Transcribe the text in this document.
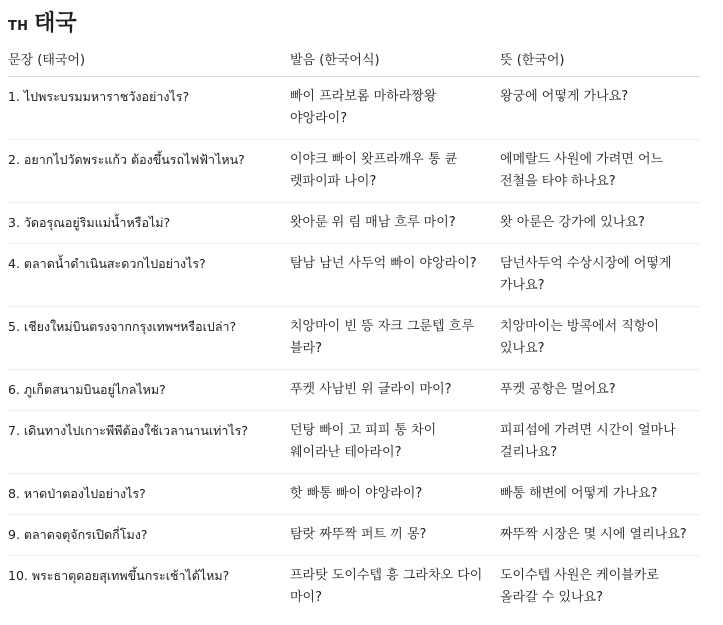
TH 태국
문장 (태국어)	발음 (한국어식)	뜻 (한국어)
1. ไปพระบรมมหาราชวังอย่างไร?	빠이 프라보롬 마하라짱왕 야앙라이?	왕궁에 어떻게 가나요?
2. อยากไปวัดพระแก้ว ต้องขึ้นรถไฟฟ้าไหน?	이야크 빠이 왓프라깨우 통 큔 렛파이파 나이?	에메랄드 사원에 가려면 어느 전철을 타야 하나요?
3. วัดอรุณอยู่ริมแม่น้ำหรือไม่?	왓아룬 위 림 매남 흐루 마이?	왓 아룬은 강가에 있나요?
4. ตลาดน้ำดำเนินสะดวกไปอย่างไร?	탐남 남넌 사두억 빠이 야앙라이?	담넌사두억 수상시장에 어떻게 가나요?
5. เชียงใหม่บินตรงจากกรุงเทพฯหรือเปล่า?	치앙마이 빈 뜽 자크 그룬텝 흐루 블라?	치앙마이는 방콕에서 직항이 있나요?
6. ภูเก็ตสนามบินอยู่ไกลไหม?	푸켓 사남빈 위 글라이 마이?	푸켓 공항은 멀어요?
7. เดินทางไปเกาะพีพีต้องใช้เวลานานเท่าไร?	던탕 빠이 고 피피 통 차이 웨이라난 테아라이?	피피섬에 가려면 시간이 얼마나 걸리나요?
8. หาดป่าตองไปอย่างไร?	핫 빠통 빠이 야앙라이?	빠통 해변에 어떻게 가나요?
9. ตลาดจตุจักรเปิดกี่โมง?	탐랏 짜뚜짝 퍼트 끼 몽?	짜뚜짝 시장은 몇 시에 열리나요?
10. พระธาตุดอยสุเทพขึ้นกระเช้าได้ไหม?	프라탓 도이수텝 흥 그라차오 다이 마이?	도이수텝 사원은 케이블카로 올라갈 수 있나요?
